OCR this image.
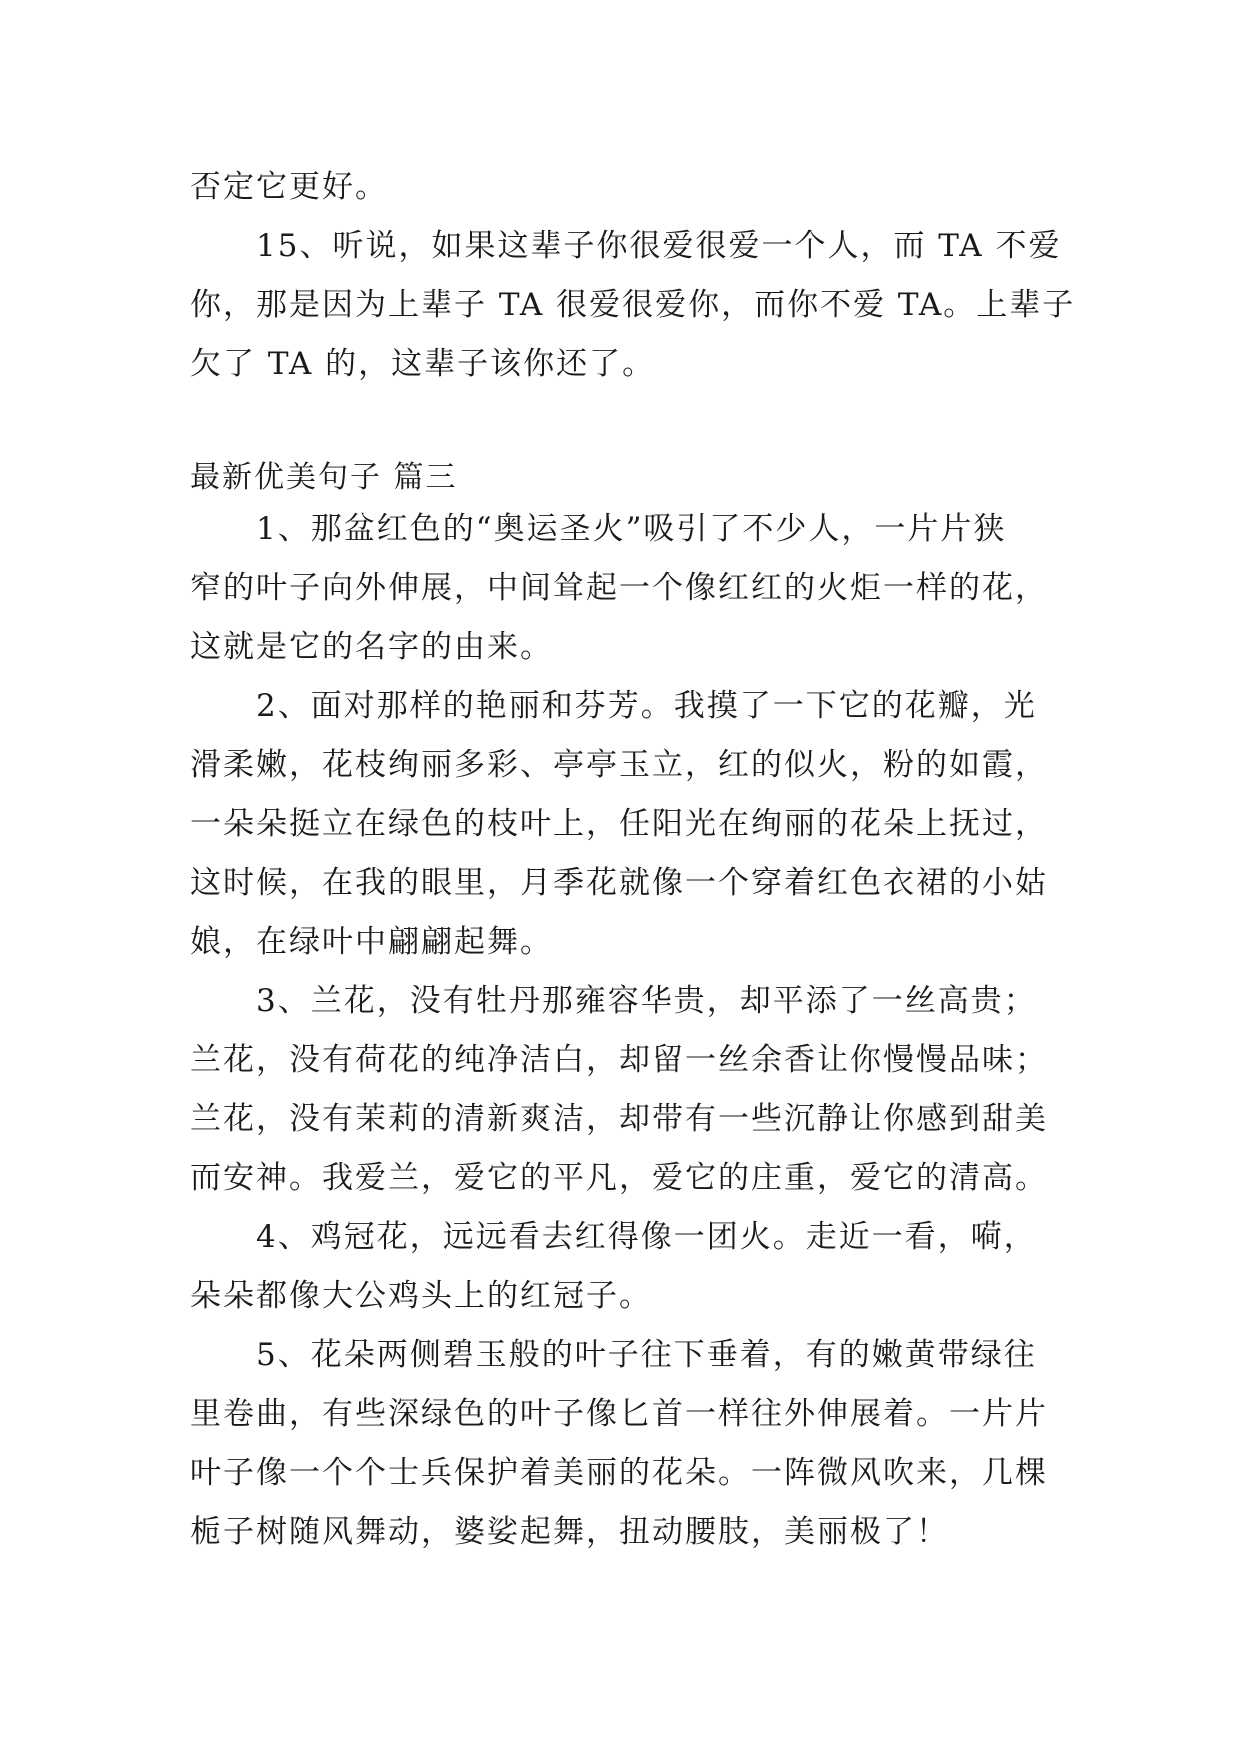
否定它更好。
15、听说，如果这辈子你很爱很爱一个人，而 TA 不爱
你，那是因为上辈子 TA 很爱很爱你，而你不爱 TA。上辈子
欠了 TA 的，这辈子该你还了。
最新优美句子 篇三
1、那盆红色的“奥运圣火”吸引了不少人，一片片狭
窄的叶子向外伸展，中间耸起一个像红红的火炬一样的花，
这就是它的名字的由来。
2、面对那样的艳丽和芬芳。我摸了一下它的花瓣，光
滑柔嫩，花枝绚丽多彩、亭亭玉立，红的似火，粉的如霞，
一朵朵挺立在绿色的枝叶上，任阳光在绚丽的花朵上抚过，
这时候，在我的眼里，月季花就像一个穿着红色衣裙的小姑
娘，在绿叶中翩翩起舞。
3、兰花，没有牡丹那雍容华贵，却平添了一丝高贵；
兰花，没有荷花的纯净洁白，却留一丝余香让你慢慢品味；
兰花，没有茉莉的清新爽洁，却带有一些沉静让你感到甜美
而安神。我爱兰，爱它的平凡，爱它的庄重，爱它的清高。
4、鸡冠花，远远看去红得像一团火。走近一看，嗬，
朵朵都像大公鸡头上的红冠子。
5、花朵两侧碧玉般的叶子往下垂着，有的嫩黄带绿往
里卷曲，有些深绿色的叶子像匕首一样往外伸展着。一片片
叶子像一个个士兵保护着美丽的花朵。一阵微风吹来，几棵
栀子树随风舞动，婆娑起舞，扭动腰肢，美丽极了！
